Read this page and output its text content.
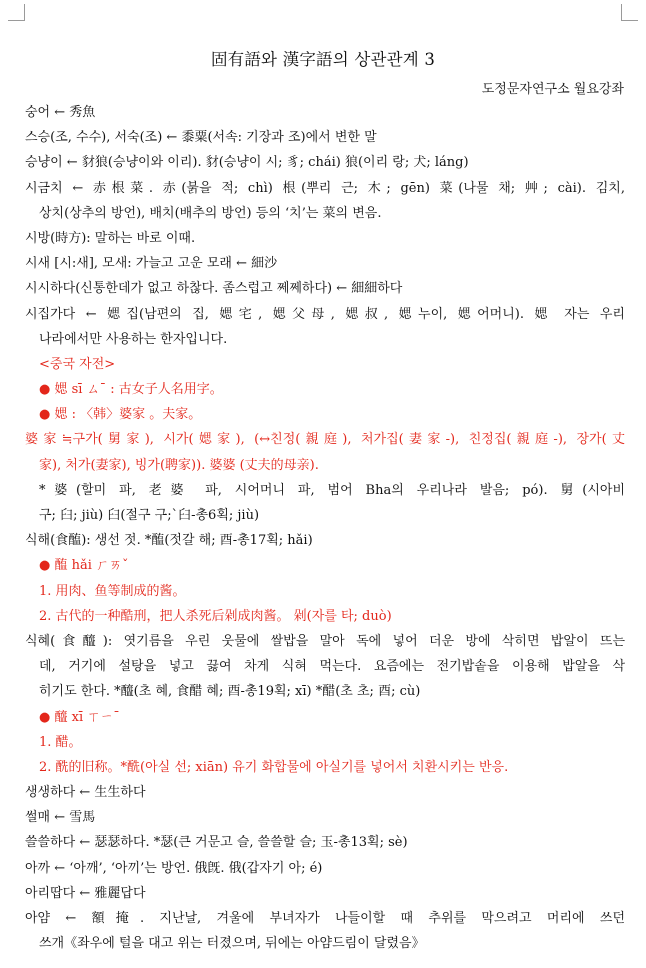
固有語와 漢字語의 상관관계 3
도정문자연구소 월요강좌
숭어 ← 秀魚
스승(조, 수수), 서숙(조) ← 黍粟(서속: 기장과 조)에서 변한 말
승냥이 ← 豺狼(승냥이와 이리). 豺(승냥이 시; 豸; chái) 狼(이리 랑; 犬; láng)
시금치 ← 赤根菜. 赤(붉을 적; chì) 根(뿌리 근; 木; gēn) 菜(나물 채; 艸; cài). 김치,
상치(상추의 방언), 배치(배추의 방언) 등의 ‘치’는 菜의 변음.
시방(時方): 말하는 바로 이때.
시새 [시:새], 모새: 가늘고 고운 모래 ← 細沙
시시하다(신통한데가 없고 하찮다. 좀스럽고 쩨쩨하다) ← 細細하다
시집가다 ← 媤집(남편의 집, 媤宅, 媤父母, 媤叔, 媤누이, 媤어머니). 媤 자는 우리
나라에서만 사용하는 한자입니다.
<중국 자전>
● 媤 sī ㄙˉ : 古女子人名用字。
● 媤 : 〈韩〉婆家 。夫家。
婆家≒구가(舅家), 시가(媤家), (↔친정(親庭), 처가집(妻家-), 친정집(親庭-), 장가(丈
家), 처가(妻家), 빙가(聘家)). 婆婆 (丈夫的母亲).
*婆(할미 파, 老婆 파, 시어머니 파, 범어 Bha의 우리나라 발음; pó). 舅(시아비
구; 臼; jiù) 臼(절구 구;`臼-총6획; jiù)
식해(食醢): 생선 젓. *醢(젓갈 해; 酉-총17획; hǎi)
● 醢 hǎi ㄏㄞˇ
1. 用肉、鱼等制成的酱。
2. 古代的一种酷刑，把人杀死后剁成肉酱。 剁(자를 타; duò)
식혜(食醯): 엿기름을 우린 웃물에 쌀밥을 말아 독에 넣어 더운 방에 삭히면 밥알이 뜨는
데, 거기에 설탕을 넣고 끓여 차게 식혀 먹는다. 요즘에는 전기밥솥을 이용해 밥알을 삭
히기도 한다. *醯(초 혜, 食醋 혜; 酉-총19획; xī) *醋(초 초; 酉; cù)
● 醯 xī ㄒㄧˉ
1. 醋。
2. 酰的旧称。*酰(아실 선; xiān) 유기 화합물에 아실기를 넣어서 치환시키는 반응.
생생하다 ← 生生하다
썰매 ← 雪馬
쓸쓸하다 ← 瑟瑟하다. *瑟(큰 거문고 슬, 쓸쓸할 슬; 玉-총13획; sè)
아까 ← ‘아깨’, ‘아끼’는 방언. 俄旣. 俄(갑자기 아; é)
아리땁다 ← 雅麗답다
아얌 ← 額掩. 지난날, 겨울에 부녀자가 나들이할 때 추위를 막으려고 머리에 쓰던
쓰개《좌우에 털을 대고 위는 터졌으며, 뒤에는 아얌드림이 달렸음》
